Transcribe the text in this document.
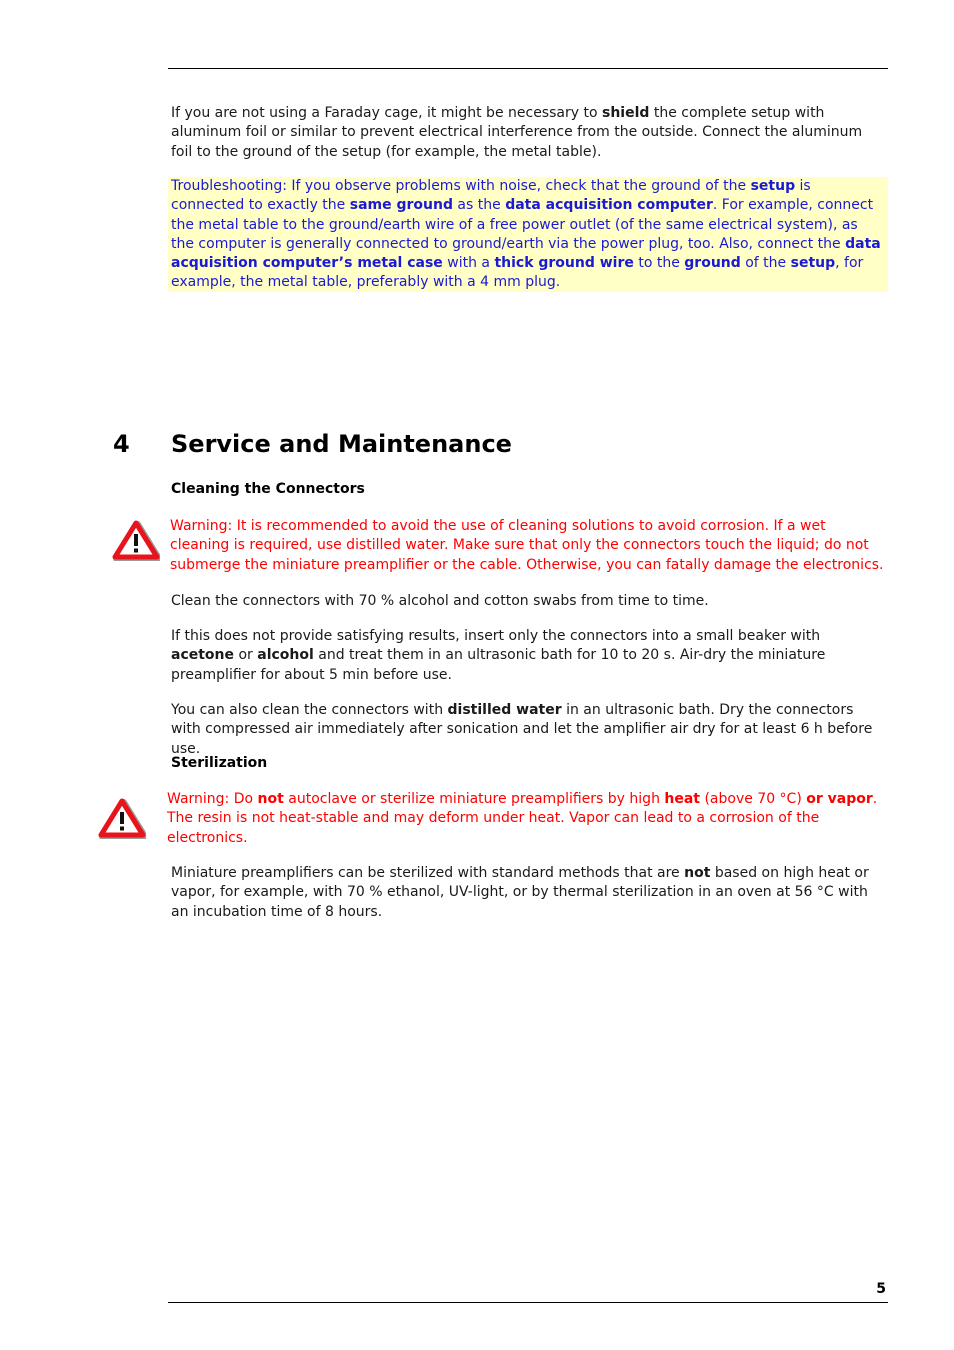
If you are not using a Faraday cage, it might be necessary to shield the complete setup with aluminum foil or similar to prevent electrical interference from the outside. Connect the aluminum foil to the ground of the setup (for example, the metal table).

Troubleshooting: If you observe problems with noise, check that the ground of the setup is connected to exactly the same ground as the data acquisition computer. For example, connect the metal table to the ground/earth wire of a free power outlet (of the same electrical system), as the computer is generally connected to ground/earth via the power plug, too. Also, connect the data acquisition computer’s metal case with a thick ground wire to the ground of the setup, for example, the metal table, preferably with a 4 mm plug.
4 Service and Maintenance
Cleaning the Connectors

Warning: It is recommended to avoid the use of cleaning solutions to avoid corrosion. If a wet cleaning is required, use distilled water. Make sure that only the connectors touch the liquid; do not submerge the miniature preamplifier or the cable. Otherwise, you can fatally damage the electronics.

Clean the connectors with 70 % alcohol and cotton swabs from time to time.

If this does not provide satisfying results, insert only the connectors into a small beaker with acetone or alcohol and treat them in an ultrasonic bath for 10 to 20 s. Air-dry the miniature preamplifier for about 5 min before use.

You can also clean the connectors with distilled water in an ultrasonic bath. Dry the connectors with compressed air immediately after sonication and let the amplifier air dry for at least 6 h before use.

Sterilization

Warning: Do not autoclave or sterilize miniature preamplifiers by high heat (above 70 °C) or vapor. The resin is not heat-stable and may deform under heat. Vapor can lead to a corrosion of the electronics.

Miniature preamplifiers can be sterilized with standard methods that are not based on high heat or vapor, for example, with 70 % ethanol, UV-light, or by thermal sterilization in an oven at 56 °C with an incubation time of 8 hours.

5
